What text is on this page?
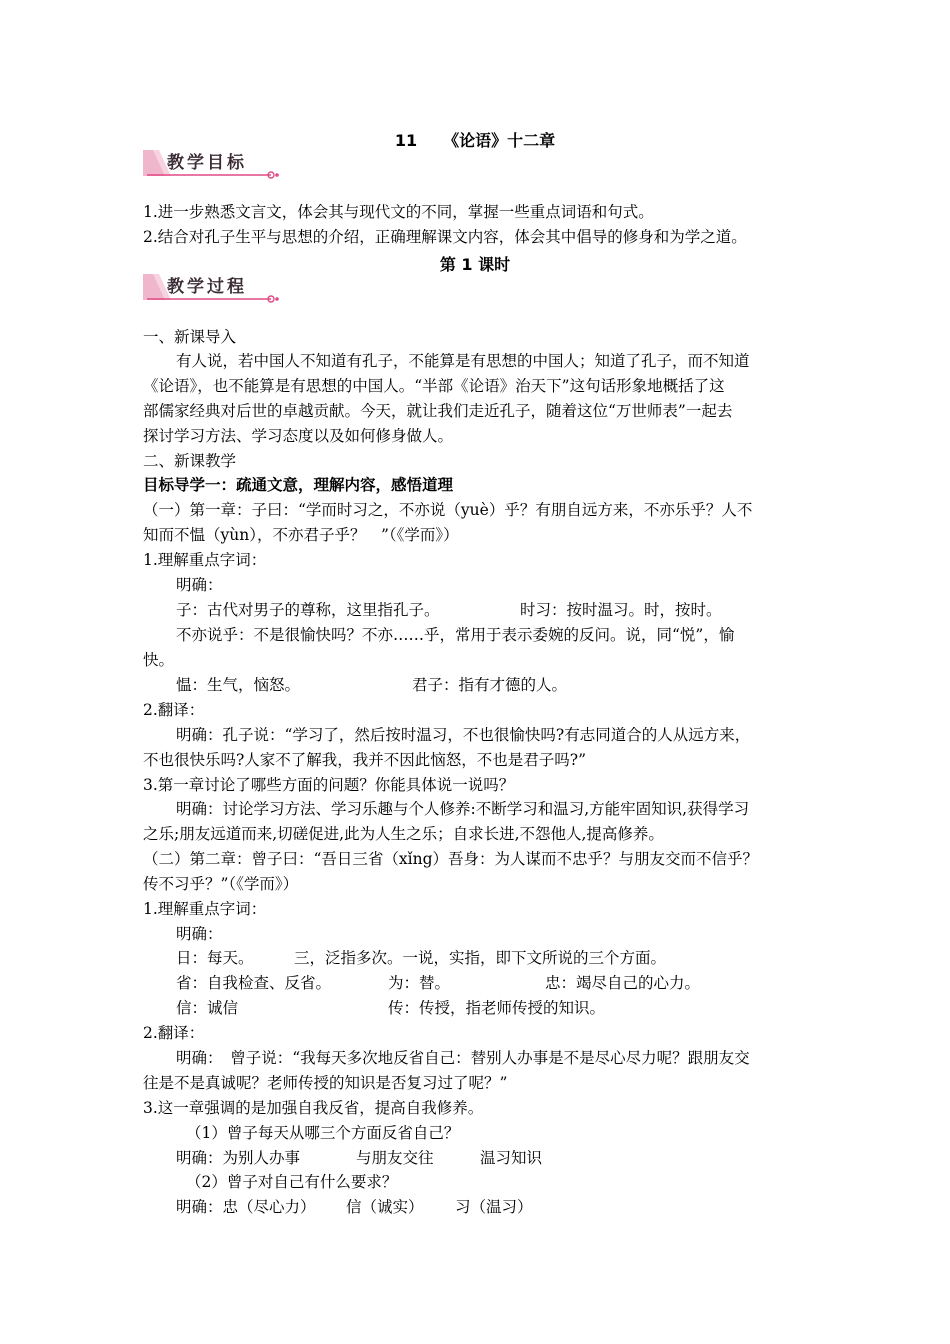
11 《论语》十二章
教学目标
1.进一步熟悉文言文，体会其与现代文的不同，掌握一些重点词语和句式。
2.结合对孔子生平与思想的介绍，正确理解课文内容，体会其中倡导的修身和为学之道。
第 1 课时
教学过程
一、新课导入
有人说，若中国人不知道有孔子，不能算是有思想的中国人；知道了孔子，而不知道
《论语》，也不能算是有思想的中国人。“半部《论语》治天下”这句话形象地概括了这
部儒家经典对后世的卓越贡献。今天，就让我们走近孔子，随着这位“万世师表”一起去
探讨学习方法、学习态度以及如何修身做人。
二、新课教学
目标导学一：疏通文意，理解内容，感悟道理
（一）第一章：子曰：“学而时习之，不亦说（yuè）乎？有朋自远方来，不亦乐乎？人不
知而不愠（yùn），不亦君子乎？　”（《学而》）
1.理解重点字词：
明确：
子：古代对男子的尊称，这里指孔子。	时习：按时温习。时，按时。
不亦说乎：不是很愉快吗？不亦……乎，常用于表示委婉的反问。说，同“悦”，愉
快。
愠：生气，恼怒。	君子：指有才德的人。
2.翻译：
明确：孔子说：“学习了，然后按时温习，不也很愉快吗?有志同道合的人从远方来，
不也很快乐吗?人家不了解我，我并不因此恼怒，不也是君子吗?”
3.第一章讨论了哪些方面的问题？你能具体说一说吗？
明确：讨论学习方法、学习乐趣与个人修养:不断学习和温习,方能牢固知识,获得学习
之乐;朋友远道而来,切磋促进,此为人生之乐；自求长进,不怨他人,提高修养。
（二）第二章：曾子曰：“吾日三省（xǐng）吾身：为人谋而不忠乎？与朋友交而不信乎？
传不习乎？”（《学而》）
1.理解重点字词：
明确：
日：每天。	三，泛指多次。一说，实指，即下文所说的三个方面。
省：自我检查、反省。	为：替。	忠：竭尽自己的心力。
信：诚信	传：传授，指老师传授的知识。
2.翻译：
明确：　曾子说：“我每天多次地反省自己：替别人办事是不是尽心尽力呢？跟朋友交
往是不是真诚呢？老师传授的知识是否复习过了呢？”
3.这一章强调的是加强自我反省，提高自我修养。
（1）曾子每天从哪三个方面反省自己？
明确：为别人办事	与朋友交往	温习知识
（2）曾子对自己有什么要求？
明确：忠（尽心力） 信（诚实） 习（温习）
